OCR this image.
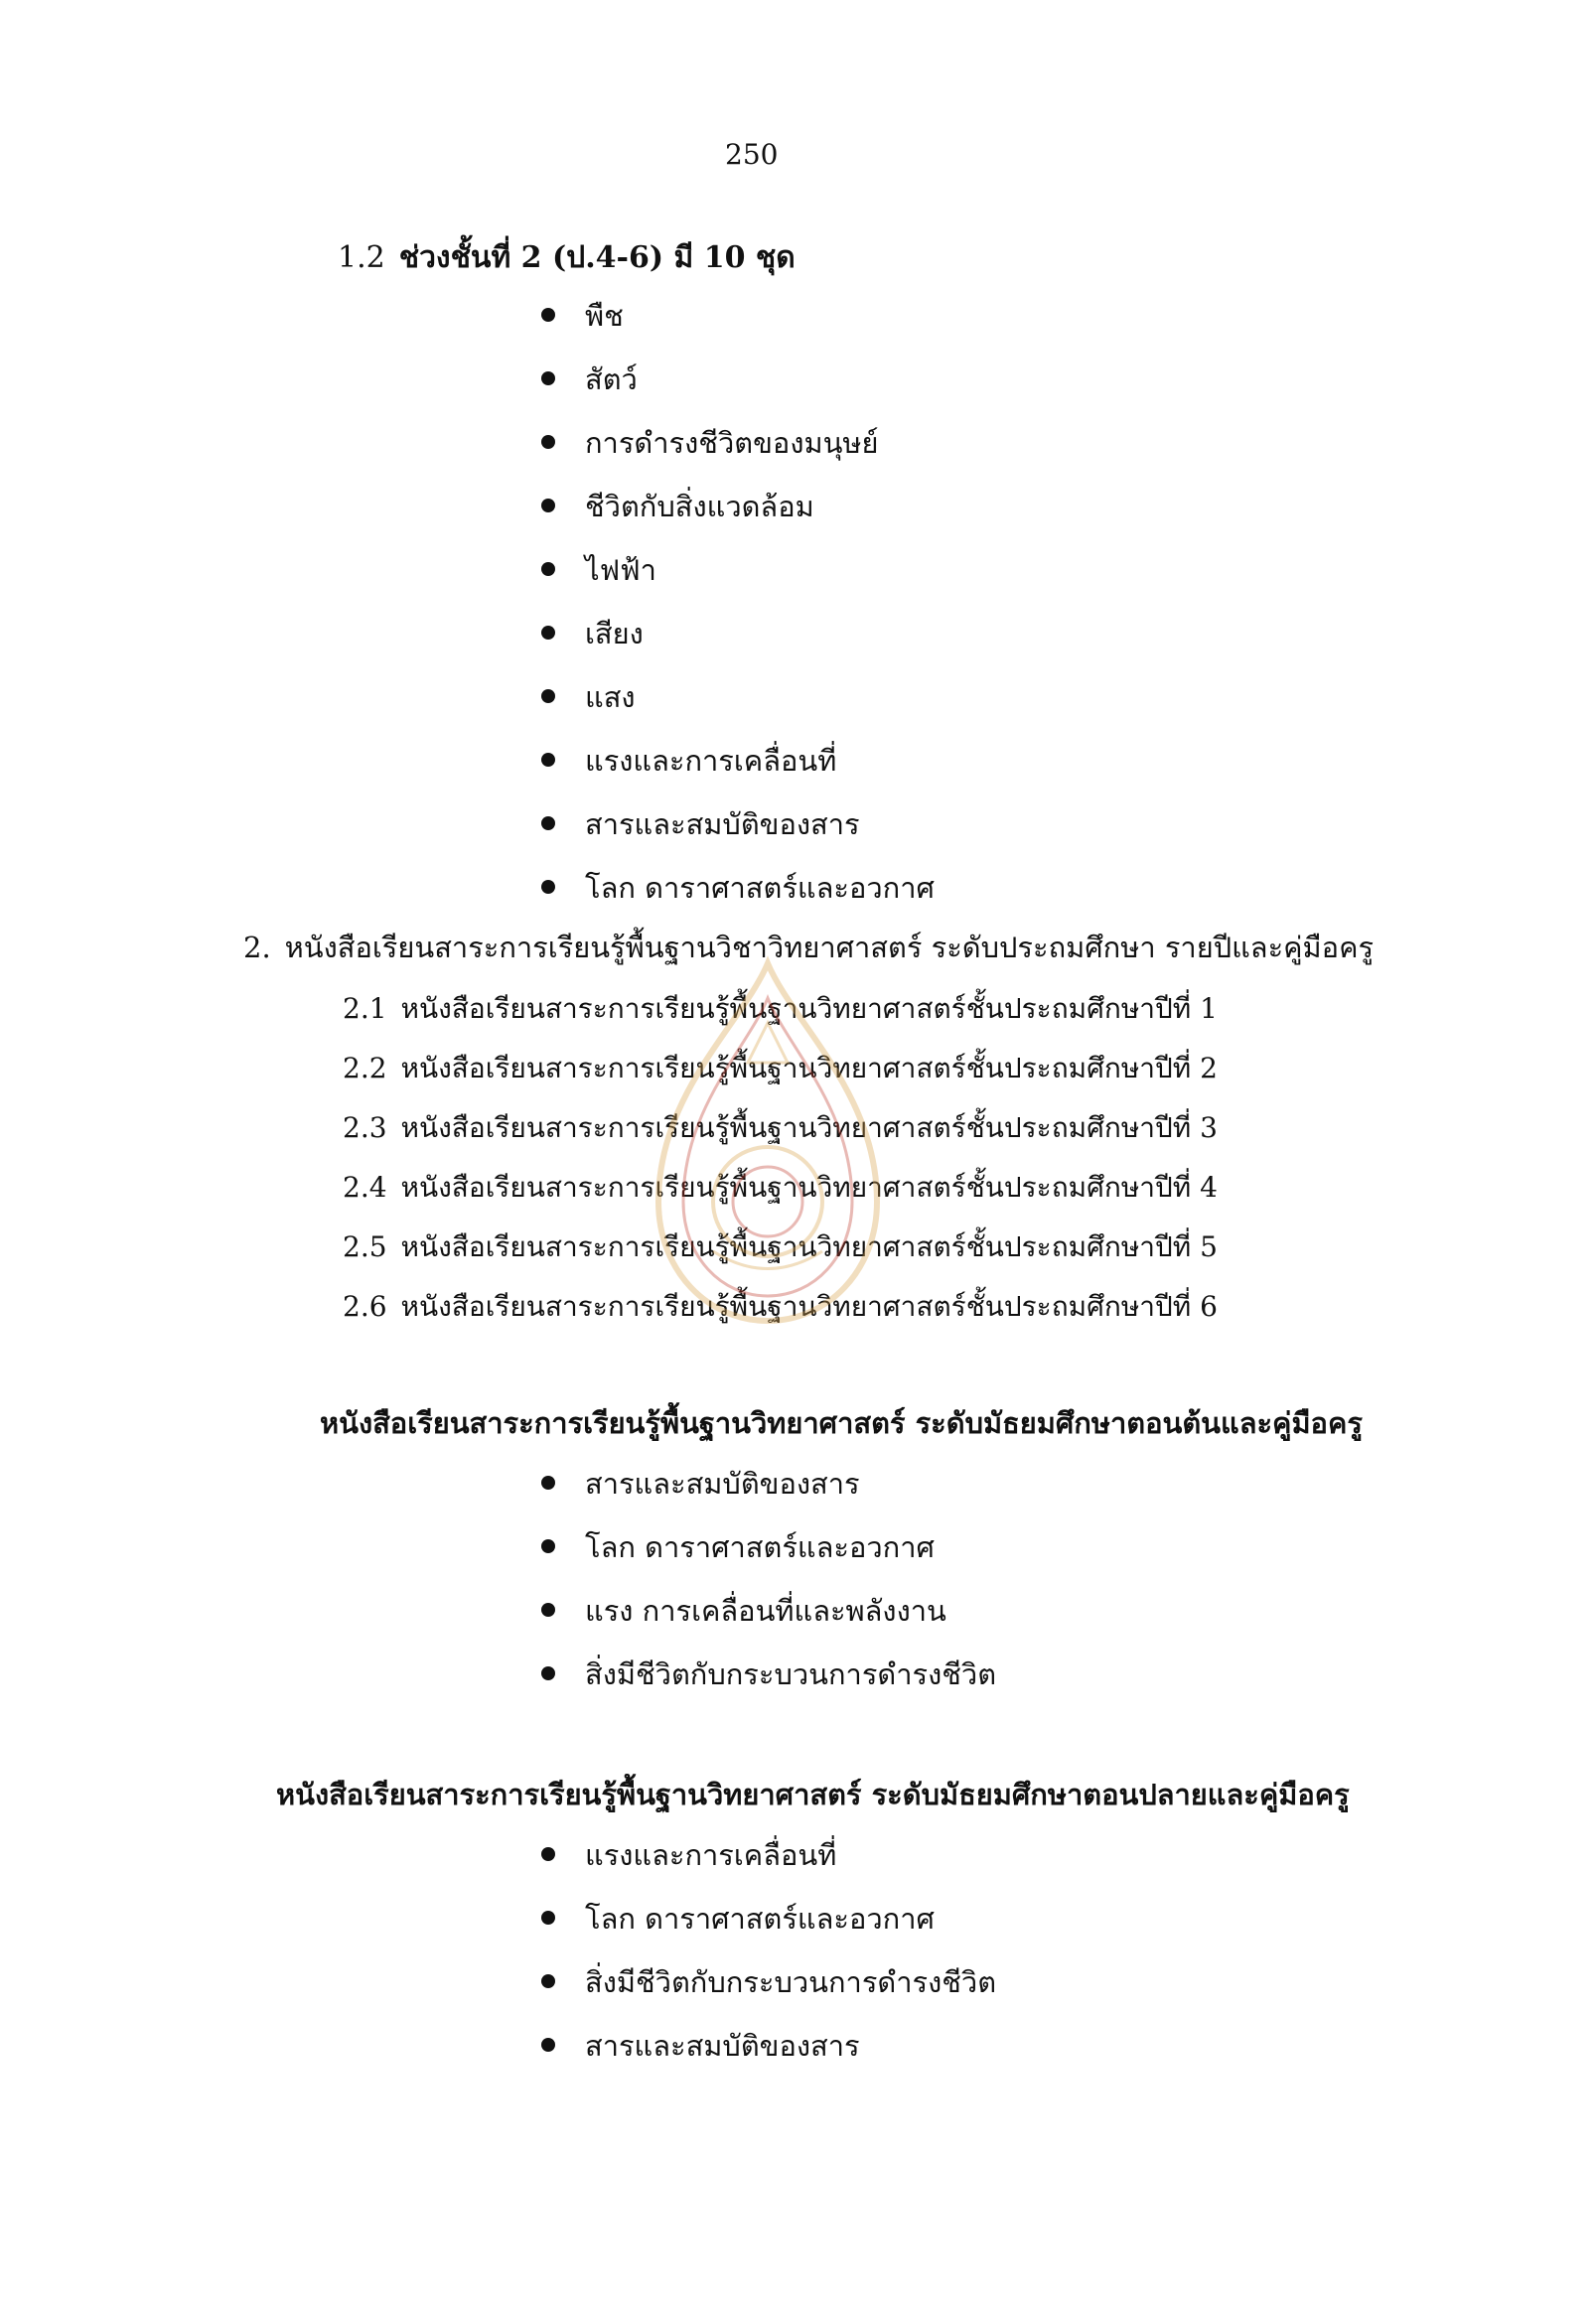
250
1.2 ช่วงชั้นที่ 2 (ป.4-6) มี 10 ชุด
พืช
สัตว์
การดำรงชีวิตของมนุษย์
ชีวิตกับสิ่งแวดล้อม
ไฟฟ้า
เสียง
แสง
แรงและการเคลื่อนที่
สารและสมบัติของสาร
โลก ดาราศาสตร์และอวกาศ
2. หนังสือเรียนสาระการเรียนรู้พื้นฐานวิชาวิทยาศาสตร์ ระดับประถมศึกษา รายปีและคู่มือครู
2.1 หนังสือเรียนสาระการเรียนรู้พื้นฐานวิทยาศาสตร์ชั้นประถมศึกษาปีที่ 1
2.2 หนังสือเรียนสาระการเรียนรู้พื้นฐานวิทยาศาสตร์ชั้นประถมศึกษาปีที่ 2
2.3 หนังสือเรียนสาระการเรียนรู้พื้นฐานวิทยาศาสตร์ชั้นประถมศึกษาปีที่ 3
2.4 หนังสือเรียนสาระการเรียนรู้พื้นฐานวิทยาศาสตร์ชั้นประถมศึกษาปีที่ 4
2.5 หนังสือเรียนสาระการเรียนรู้พื้นฐานวิทยาศาสตร์ชั้นประถมศึกษาปีที่ 5
2.6 หนังสือเรียนสาระการเรียนรู้พื้นฐานวิทยาศาสตร์ชั้นประถมศึกษาปีที่ 6
หนังสือเรียนสาระการเรียนรู้พื้นฐานวิทยาศาสตร์ ระดับมัธยมศึกษาตอนต้นและคู่มือครู
สารและสมบัติของสาร
โลก ดาราศาสตร์และอวกาศ
แรง การเคลื่อนที่และพลังงาน
สิ่งมีชีวิตกับกระบวนการดำรงชีวิต
หนังสือเรียนสาระการเรียนรู้พื้นฐานวิทยาศาสตร์ ระดับมัธยมศึกษาตอนปลายและคู่มือครู
แรงและการเคลื่อนที่
โลก ดาราศาสตร์และอวกาศ
สิ่งมีชีวิตกับกระบวนการดำรงชีวิต
สารและสมบัติของสาร
